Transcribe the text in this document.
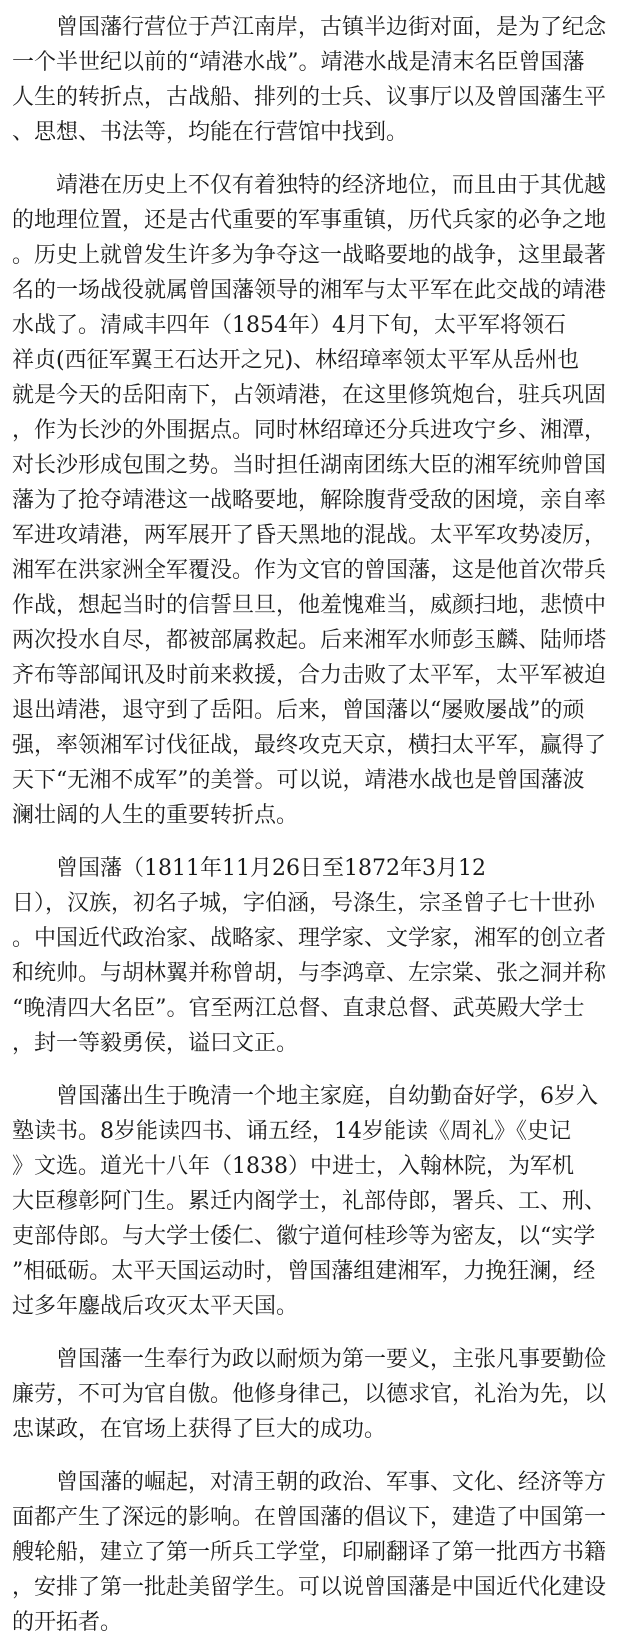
曾国藩行营位于芦江南岸，古镇半边街对面，是为了纪念
一个半世纪以前的“靖港水战”。靖港水战是清末名臣曾国藩
人生的转折点，古战船、排列的士兵、议事厅以及曾国藩生平
、思想、书法等，均能在行营馆中找到。
靖港在历史上不仅有着独特的经济地位，而且由于其优越
的地理位置，还是古代重要的军事重镇，历代兵家的必争之地
。历史上就曾发生许多为争夺这一战略要地的战争，这里最著
名的一场战役就属曾国藩领导的湘军与太平军在此交战的靖港
水战了。清咸丰四年（1854年）4月下旬，太平军将领石
祥贞(西征军翼王石达开之兄)、林绍璋率领太平军从岳州也
就是今天的岳阳南下，占领靖港，在这里修筑炮台，驻兵巩固
，作为长沙的外围据点。同时林绍璋还分兵进攻宁乡、湘潭，
对长沙形成包围之势。当时担任湖南团练大臣的湘军统帅曾国
藩为了抢夺靖港这一战略要地，解除腹背受敌的困境，亲自率
军进攻靖港，两军展开了昏天黑地的混战。太平军攻势凌厉，
湘军在洪家洲全军覆没。作为文官的曾国藩，这是他首次带兵
作战，想起当时的信誓旦旦，他羞愧难当，威颜扫地，悲愤中
两次投水自尽，都被部属救起。后来湘军水师彭玉麟、陆师塔
齐布等部闻讯及时前来救援，合力击败了太平军，太平军被迫
退出靖港，退守到了岳阳。后来，曾国藩以“屡败屡战”的顽
强，率领湘军讨伐征战，最终攻克天京，横扫太平军，赢得了
天下“无湘不成军”的美誉。可以说，靖港水战也是曾国藩波
澜壮阔的人生的重要转折点。
曾国藩（1811年11月26日至1872年3月12
日），汉族，初名子城，字伯涵，号涤生，宗圣曾子七十世孙
。中国近代政治家、战略家、理学家、文学家，湘军的创立者
和统帅。与胡林翼并称曾胡，与李鸿章、左宗棠、张之洞并称
“晚清四大名臣”。官至两江总督、直隶总督、武英殿大学士
，封一等毅勇侯，谥曰文正。
曾国藩出生于晚清一个地主家庭，自幼勤奋好学，6岁入
塾读书。8岁能读四书、诵五经，14岁能读《周礼》《史记
》文选。道光十八年（1838）中进士，入翰林院，为军机
大臣穆彰阿门生。累迁内阁学士，礼部侍郎，署兵、工、刑、
吏部侍郎。与大学士倭仁、徽宁道何桂珍等为密友，以“实学
”相砥砺。太平天国运动时，曾国藩组建湘军，力挽狂澜，经
过多年鏖战后攻灭太平天国。
曾国藩一生奉行为政以耐烦为第一要义，主张凡事要勤俭
廉劳，不可为官自傲。他修身律己，以德求官，礼治为先，以
忠谋政，在官场上获得了巨大的成功。
曾国藩的崛起，对清王朝的政治、军事、文化、经济等方
面都产生了深远的影响。在曾国藩的倡议下，建造了中国第一
艘轮船，建立了第一所兵工学堂，印刷翻译了第一批西方书籍
，安排了第一批赴美留学生。可以说曾国藩是中国近代化建设
的开拓者。
